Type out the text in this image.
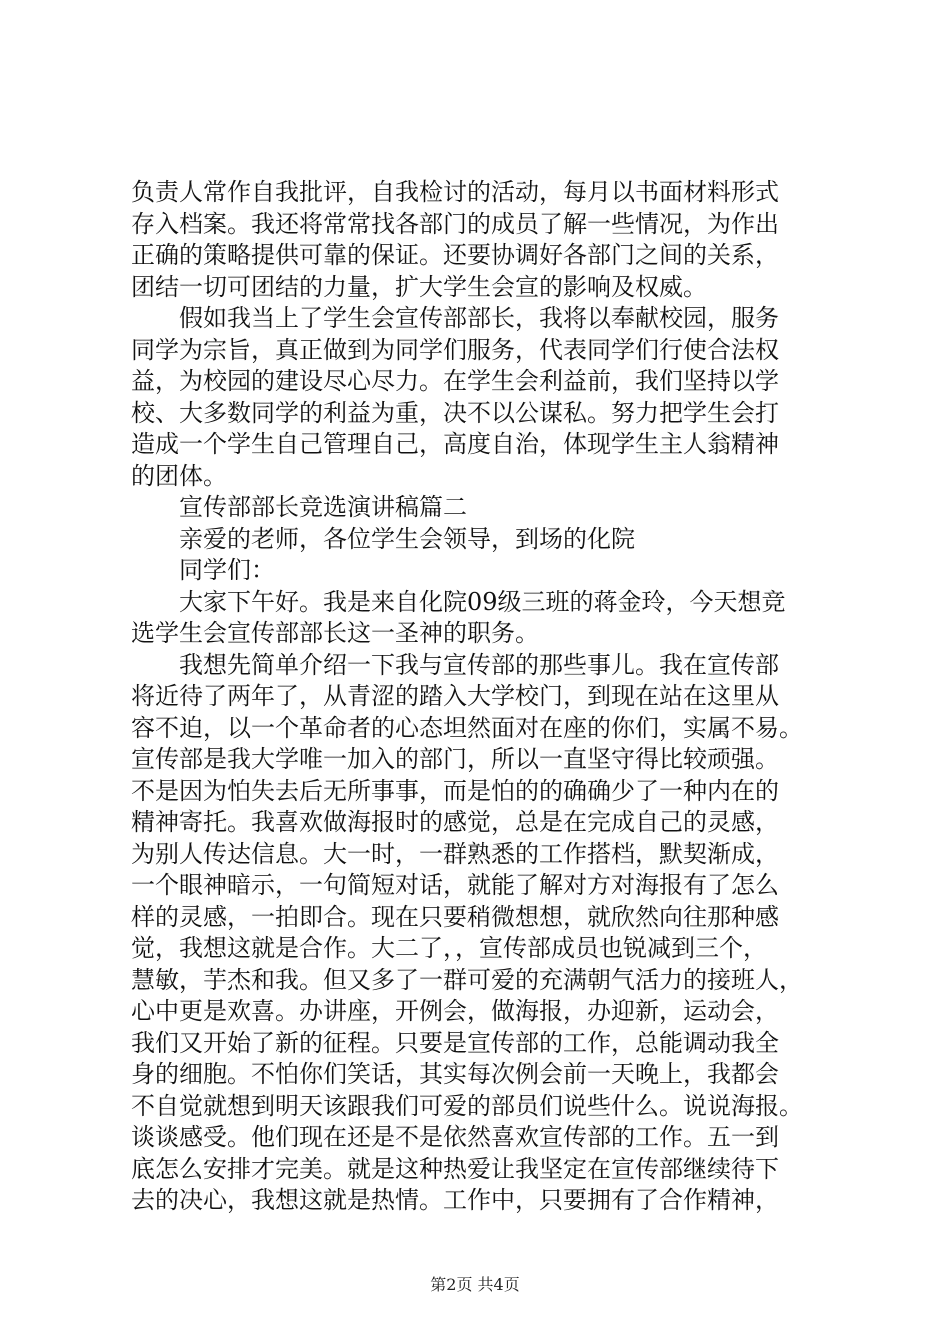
负责人常作自我批评，自我检讨的活动，每月以书面材料形式
存入档案。我还将常常找各部门的成员了解一些情况，为作出
正确的策略提供可靠的保证。还要协调好各部门之间的关系，
团结一切可团结的力量，扩大学生会宣的影响及权威。
假如我当上了学生会宣传部部长，我将以奉献校园，服务
同学为宗旨，真正做到为同学们服务，代表同学们行使合法权
益，为校园的建设尽心尽力。在学生会利益前，我们坚持以学
校、大多数同学的利益为重，决不以公谋私。努力把学生会打
造成一个学生自己管理自己，高度自治，体现学生主人翁精神
的团体。
宣传部部长竞选演讲稿篇二
亲爱的老师，各位学生会领导，到场的化院
同学们：
大家下午好。我是来自化院09级三班的蒋金玲，今天想竞
选学生会宣传部部长这一圣神的职务。
我想先简单介绍一下我与宣传部的那些事儿。我在宣传部
将近待了两年了，从青涩的踏入大学校门，到现在站在这里从
容不迫，以一个革命者的心态坦然面对在座的你们，实属不易。
宣传部是我大学唯一加入的部门，所以一直坚守得比较顽强。
不是因为怕失去后无所事事，而是怕的的确确少了一种内在的
精神寄托。我喜欢做海报时的感觉，总是在完成自己的灵感，
为别人传达信息。大一时，一群熟悉的工作搭档，默契渐成，
一个眼神暗示，一句简短对话，就能了解对方对海报有了怎么
样的灵感，一拍即合。现在只要稍微想想，就欣然向往那种感
觉，我想这就是合作。大二了，，宣传部成员也锐减到三个，
慧敏，芋杰和我。但又多了一群可爱的充满朝气活力的接班人，
心中更是欢喜。办讲座，开例会，做海报，办迎新，运动会，
我们又开始了新的征程。只要是宣传部的工作，总能调动我全
身的细胞。不怕你们笑话，其实每次例会前一天晚上，我都会
不自觉就想到明天该跟我们可爱的部员们说些什么。说说海报。
谈谈感受。他们现在还是不是依然喜欢宣传部的工作。五一到
底怎么安排才完美。就是这种热爱让我坚定在宣传部继续待下
去的决心，我想这就是热情。工作中，只要拥有了合作精神，
第2页 共4页
